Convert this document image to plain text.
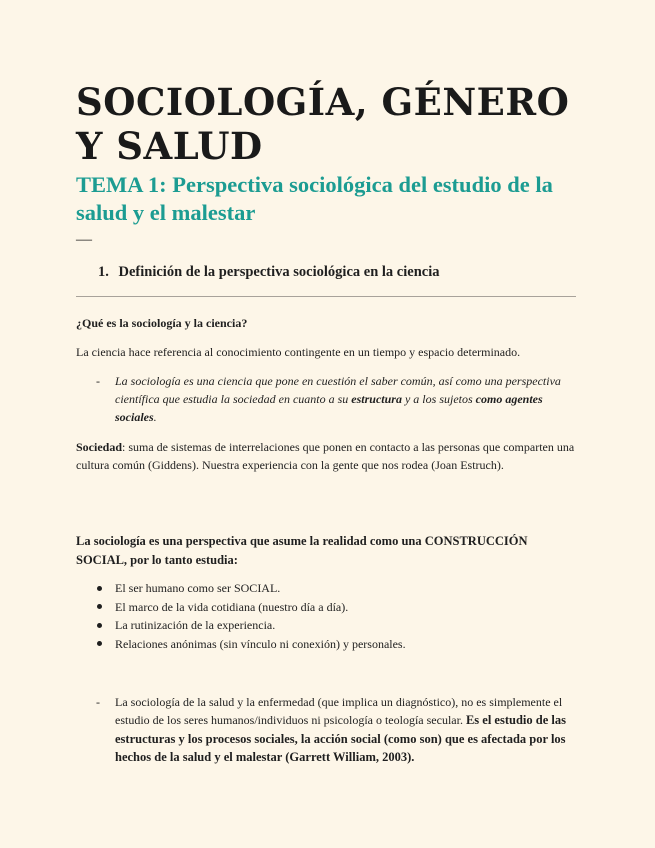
SOCIOLOGÍA, GÉNERO Y SALUD
TEMA 1: Perspectiva sociológica del estudio de la salud y el malestar
—
1. Definición de la perspectiva sociológica en la ciencia

¿Qué es la sociología y la ciencia?

La ciencia hace referencia al conocimiento contingente en un tiempo y espacio determinado.

- La sociología es una ciencia que pone en cuestión el saber común, así como una perspectiva científica que estudia la sociedad en cuanto a su estructura y a los sujetos como agentes sociales.

Sociedad: suma de sistemas de interrelaciones que ponen en contacto a las personas que comparten una cultura común (Giddens). Nuestra experiencia con la gente que nos rodea (Joan Estruch).

La sociología es una perspectiva que asume la realidad como una CONSTRUCCIÓN SOCIAL, por lo tanto estudia:

El ser humano como ser SOCIAL.
El marco de la vida cotidiana (nuestro día a día).
La rutinización de la experiencia.
Relaciones anónimas (sin vínculo ni conexión) y personales.
- La sociología de la salud y la enfermedad (que implica un diagnóstico), no es simplemente el estudio de los seres humanos/individuos ni psicología o teología secular. Es el estudio de las estructuras y los procesos sociales, la acción social (como son) que es afectada por los hechos de la salud y el malestar (Garrett William, 2003).
